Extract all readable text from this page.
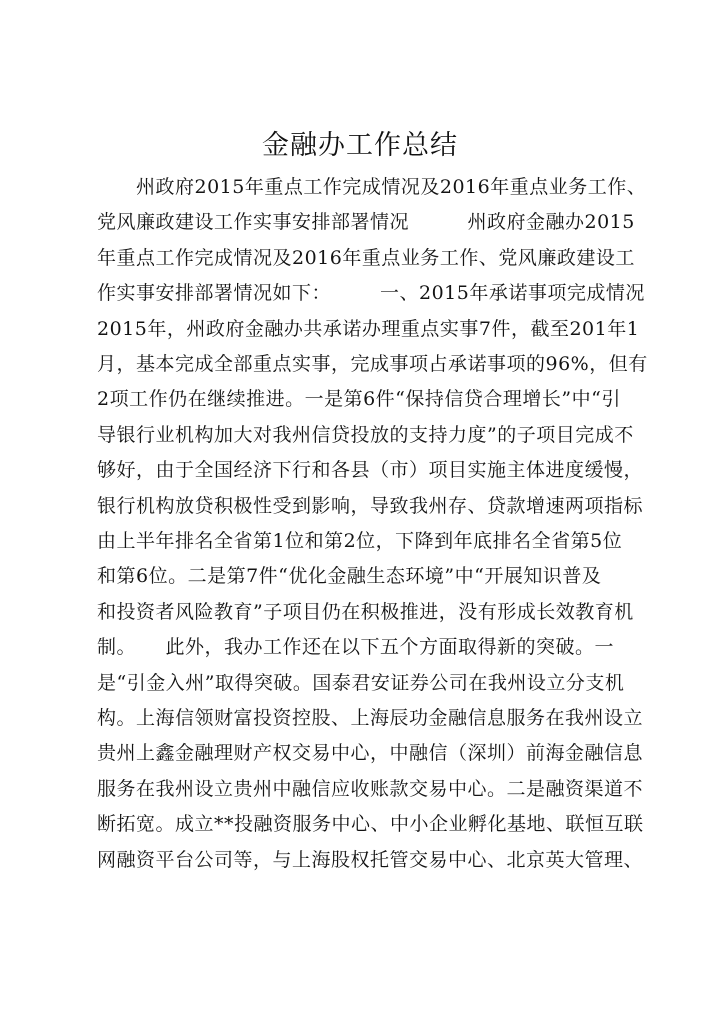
金融办工作总结
　　州政府2015年重点工作完成情况及2016年重点业务工作、
党风廉政建设工作实事安排部署情况　　　州政府金融办2015
年重点工作完成情况及2016年重点业务工作、党风廉政建设工
作实事安排部署情况如下：　　　一、2015年承诺事项完成情况
2015年，州政府金融办共承诺办理重点实事7件，截至201年1
月，基本完成全部重点实事，完成事项占承诺事项的96%，但有
2项工作仍在继续推进。一是第6件“保持信贷合理增长”中“引
导银行业机构加大对我州信贷投放的支持力度”的子项目完成不
够好，由于全国经济下行和各县（市）项目实施主体进度缓慢，
银行机构放贷积极性受到影响，导致我州存、贷款增速两项指标
由上半年排名全省第1位和第2位，下降到年底排名全省第5位
和第6位。二是第7件“优化金融生态环境”中“开展知识普及
和投资者风险教育”子项目仍在积极推进，没有形成长效教育机
制。　　此外，我办工作还在以下五个方面取得新的突破。一
是“引金入州”取得突破。国泰君安证券公司在我州设立分支机
构。上海信领财富投资控股、上海辰功金融信息服务在我州设立
贵州上鑫金融理财产权交易中心，中融信（深圳）前海金融信息
服务在我州设立贵州中融信应收账款交易中心。二是融资渠道不
断拓宽。成立**投融资服务中心、中小企业孵化基地、联恒互联
网融资平台公司等，与上海股权托管交易中心、北京英大管理、
